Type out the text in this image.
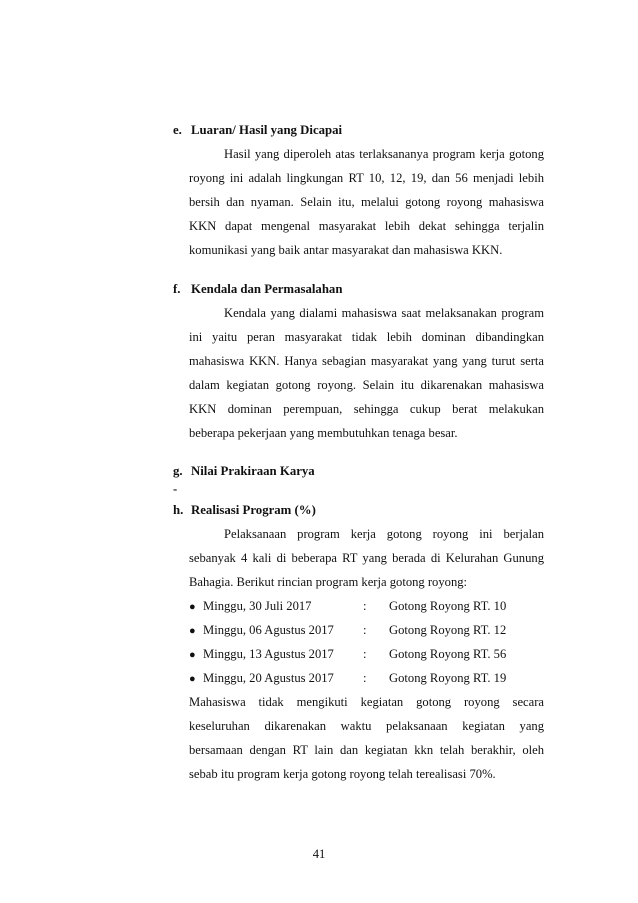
e. Luaran/ Hasil yang Dicapai
Hasil yang diperoleh atas terlaksananya program kerja gotong
royong ini adalah lingkungan RT 10, 12, 19, dan 56 menjadi lebih
bersih dan nyaman. Selain itu, melalui gotong royong mahasiswa
KKN dapat mengenal masyarakat lebih dekat sehingga terjalin
komunikasi yang baik antar masyarakat dan mahasiswa KKN.
f. Kendala dan Permasalahan
Kendala yang dialami mahasiswa saat melaksanakan program
ini yaitu peran masyarakat tidak lebih dominan dibandingkan
mahasiswa KKN. Hanya sebagian masyarakat yang yang turut serta
dalam kegiatan gotong royong. Selain itu dikarenakan mahasiswa
KKN dominan perempuan, sehingga cukup berat melakukan
beberapa pekerjaan yang membutuhkan tenaga besar.
g. Nilai Prakiraan Karya
-
h. Realisasi Program (%)
Pelaksanaan program kerja gotong royong ini berjalan
sebanyak 4 kali di beberapa RT yang berada di Kelurahan Gunung
Bahagia. Berikut rincian program kerja gotong royong:
● Minggu, 30 Juli 2017	: Gotong Royong RT. 10
● Minggu, 06 Agustus 2017 : Gotong Royong RT. 12
● Minggu, 13 Agustus 2017 : Gotong Royong RT. 56
● Minggu, 20 Agustus 2017 : Gotong Royong RT. 19
Mahasiswa tidak mengikuti kegiatan gotong royong secara
keseluruhan dikarenakan waktu pelaksanaan kegiatan yang
bersamaan dengan RT lain dan kegiatan kkn telah berakhir, oleh
sebab itu program kerja gotong royong telah terealisasi 70%.
41
